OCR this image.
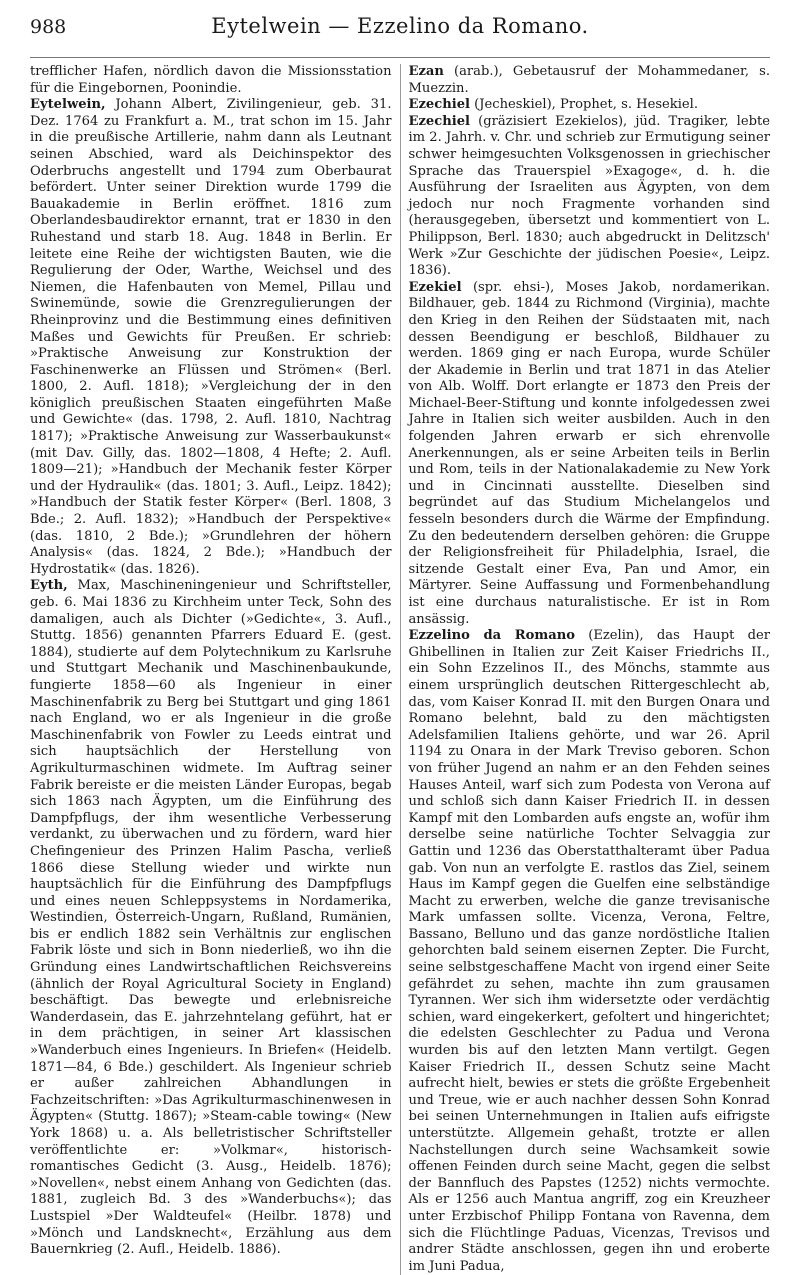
988	Eytelwein — Ezzelino da Romano.

trefflicher Hafen, nördlich davon die Missionsstation für die Eingebornen, Poonindie.

Eytelwein, Johann Albert, Zivilingenieur, geb. 31. Dez. 1764 zu Frankfurt a. M., trat schon im 15. Jahr in die preußische Artillerie, nahm dann als Leutnant seinen Abschied, ward als Deichinspektor des Oderbruchs angestellt und 1794 zum Oberbaurat befördert. Unter seiner Direktion wurde 1799 die Bauakademie in Berlin eröffnet. 1816 zum Oberlandesbaudirektor ernannt, trat er 1830 in den Ruhestand und starb 18. Aug. 1848 in Berlin. Er leitete eine Reihe der wichtigsten Bauten, wie die Regulierung der Oder, Warthe, Weichsel und des Niemen, die Hafenbauten von Memel, Pillau und Swinemünde, sowie die Grenzregulierungen der Rheinprovinz und die Bestimmung eines definitiven Maßes und Gewichts für Preußen. Er schrieb: »Praktische Anweisung zur Konstruktion der Faschinenwerke an Flüssen und Strömen« (Berl. 1800, 2. Aufl. 1818); »Vergleichung der in den königlich preußischen Staaten eingeführten Maße und Gewichte« (das. 1798, 2. Aufl. 1810, Nachtrag 1817); »Praktische Anweisung zur Wasserbaukunst« (mit Dav. Gilly, das. 1802—1808, 4 Hefte; 2. Aufl. 1809—21); »Handbuch der Mechanik fester Körper und der Hydraulik« (das. 1801; 3. Aufl., Leipz. 1842); »Handbuch der Statik fester Körper« (Berl. 1808, 3 Bde.; 2. Aufl. 1832); »Handbuch der Perspektive« (das. 1810, 2 Bde.); »Grundlehren der höhern Analysis« (das. 1824, 2 Bde.); »Handbuch der Hydrostatik« (das. 1826).

Eyth, Max, Maschineningenieur und Schriftsteller, geb. 6. Mai 1836 zu Kirchheim unter Teck, Sohn des damaligen, auch als Dichter (»Gedichte«, 3. Aufl., Stuttg. 1856) genannten Pfarrers Eduard E. (gest. 1884), studierte auf dem Polytechnikum zu Karlsruhe und Stuttgart Mechanik und Maschinenbaukunde, fungierte 1858—60 als Ingenieur in einer Maschinenfabrik zu Berg bei Stuttgart und ging 1861 nach England, wo er als Ingenieur in die große Maschinenfabrik von Fowler zu Leeds eintrat und sich hauptsächlich der Herstellung von Agrikulturmaschinen widmete. Im Auftrag seiner Fabrik bereiste er die meisten Länder Europas, begab sich 1863 nach Ägypten, um die Einführung des Dampfpflugs, der ihm wesentliche Verbesserung verdankt, zu überwachen und zu fördern, ward hier Chefingenieur des Prinzen Halim Pascha, verließ 1866 diese Stellung wieder und wirkte nun hauptsächlich für die Einführung des Dampfpflugs und eines neuen Schleppsystems in Nordamerika, Westindien, Österreich-Ungarn, Rußland, Rumänien, bis er endlich 1882 sein Verhältnis zur englischen Fabrik löste und sich in Bonn niederließ, wo ihn die Gründung eines Landwirtschaftlichen Reichsvereins (ähnlich der Royal Agricultural Society in England) beschäftigt. Das bewegte und erlebnisreiche Wanderdasein, das E. jahrzehntelang geführt, hat er in dem prächtigen, in seiner Art klassischen »Wanderbuch eines Ingenieurs. In Briefen« (Heidelb. 1871—84, 6 Bde.) geschildert. Als Ingenieur schrieb er außer zahlreichen Abhandlungen in Fachzeitschriften: »Das Agrikulturmaschinenwesen in Ägypten« (Stuttg. 1867); »Steam-cable towing« (New York 1868) u. a. Als belletristischer Schriftsteller veröffentlichte er: »Volkmar«, historisch-romantisches Gedicht (3. Ausg., Heidelb. 1876); »Novellen«, nebst einem Anhang von Gedichten (das. 1881, zugleich Bd. 3 des »Wanderbuchs«); das Lustspiel »Der Waldteufel« (Heilbr. 1878) und »Mönch und Landsknecht«, Erzählung aus dem Bauernkrieg (2. Aufl., Heidelb. 1886).

Ezan (arab.), Gebetausruf der Mohammedaner, s. Muezzin.

Ezechiel (Jecheskiel), Prophet, s. Hesekiel.

Ezechiel (gräzisiert Ezekielos), jüd. Tragiker, lebte im 2. Jahrh. v. Chr. und schrieb zur Ermutigung seiner schwer heimgesuchten Volksgenossen in griechischer Sprache das Trauerspiel »Exagoge«, d. h. die Ausführung der Israeliten aus Ägypten, von dem jedoch nur noch Fragmente vorhanden sind (herausgegeben, übersetzt und kommentiert von L. Philippson, Berl. 1830; auch abgedruckt in Delitzsch' Werk »Zur Geschichte der jüdischen Poesie«, Leipz. 1836).

Ezekiel (spr. ehsi-), Moses Jakob, nordamerikan. Bildhauer, geb. 1844 zu Richmond (Virginia), machte den Krieg in den Reihen der Südstaaten mit, nach dessen Beendigung er beschloß, Bildhauer zu werden. 1869 ging er nach Europa, wurde Schüler der Akademie in Berlin und trat 1871 in das Atelier von Alb. Wolff. Dort erlangte er 1873 den Preis der Michael-Beer-Stiftung und konnte infolgedessen zwei Jahre in Italien sich weiter ausbilden. Auch in den folgenden Jahren erwarb er sich ehrenvolle Anerkennungen, als er seine Arbeiten teils in Berlin und Rom, teils in der Nationalakademie zu New York und in Cincinnati ausstellte. Dieselben sind begründet auf das Studium Michelangelos und fesseln besonders durch die Wärme der Empfindung. Zu den bedeutendern derselben gehören: die Gruppe der Religionsfreiheit für Philadelphia, Israel, die sitzende Gestalt einer Eva, Pan und Amor, ein Märtyrer. Seine Auffassung und Formenbehandlung ist eine durchaus naturalistische. Er ist in Rom ansässig.

Ezzelino da Romano (Ezelin), das Haupt der Ghibellinen in Italien zur Zeit Kaiser Friedrichs II., ein Sohn Ezzelinos II., des Mönchs, stammte aus einem ursprünglich deutschen Rittergeschlecht ab, das, vom Kaiser Konrad II. mit den Burgen Onara und Romano belehnt, bald zu den mächtigsten Adelsfamilien Italiens gehörte, und war 26. April 1194 zu Onara in der Mark Treviso geboren. Schon von früher Jugend an nahm er an den Fehden seines Hauses Anteil, warf sich zum Podesta von Verona auf und schloß sich dann Kaiser Friedrich II. in dessen Kampf mit den Lombarden aufs engste an, wofür ihm derselbe seine natürliche Tochter Selvaggia zur Gattin und 1236 das Oberstatthalteramt über Padua gab. Von nun an verfolgte E. rastlos das Ziel, seinem Haus im Kampf gegen die Guelfen eine selbständige Macht zu erwerben, welche die ganze trevisanische Mark umfassen sollte. Vicenza, Verona, Feltre, Bassano, Belluno und das ganze nordöstliche Italien gehorchten bald seinem eisernen Zepter. Die Furcht, seine selbstgeschaffene Macht von irgend einer Seite gefährdet zu sehen, machte ihn zum grausamen Tyrannen. Wer sich ihm widersetzte oder verdächtig schien, ward eingekerkert, gefoltert und hingerichtet; die edelsten Geschlechter zu Padua und Verona wurden bis auf den letzten Mann vertilgt. Gegen Kaiser Friedrich II., dessen Schutz seine Macht aufrecht hielt, bewies er stets die größte Ergebenheit und Treue, wie er auch nachher dessen Sohn Konrad bei seinen Unternehmungen in Italien aufs eifrigste unterstützte. Allgemein gehaßt, trotzte er allen Nachstellungen durch seine Wachsamkeit sowie offenen Feinden durch seine Macht, gegen die selbst der Bannfluch des Papstes (1252) nichts vermochte. Als er 1256 auch Mantua angriff, zog ein Kreuzheer unter Erzbischof Philipp Fontana von Ravenna, dem sich die Flüchtlinge Paduas, Vicenzas, Trevisos und andrer Städte anschlossen, gegen ihn und eroberte im Juni Padua,
